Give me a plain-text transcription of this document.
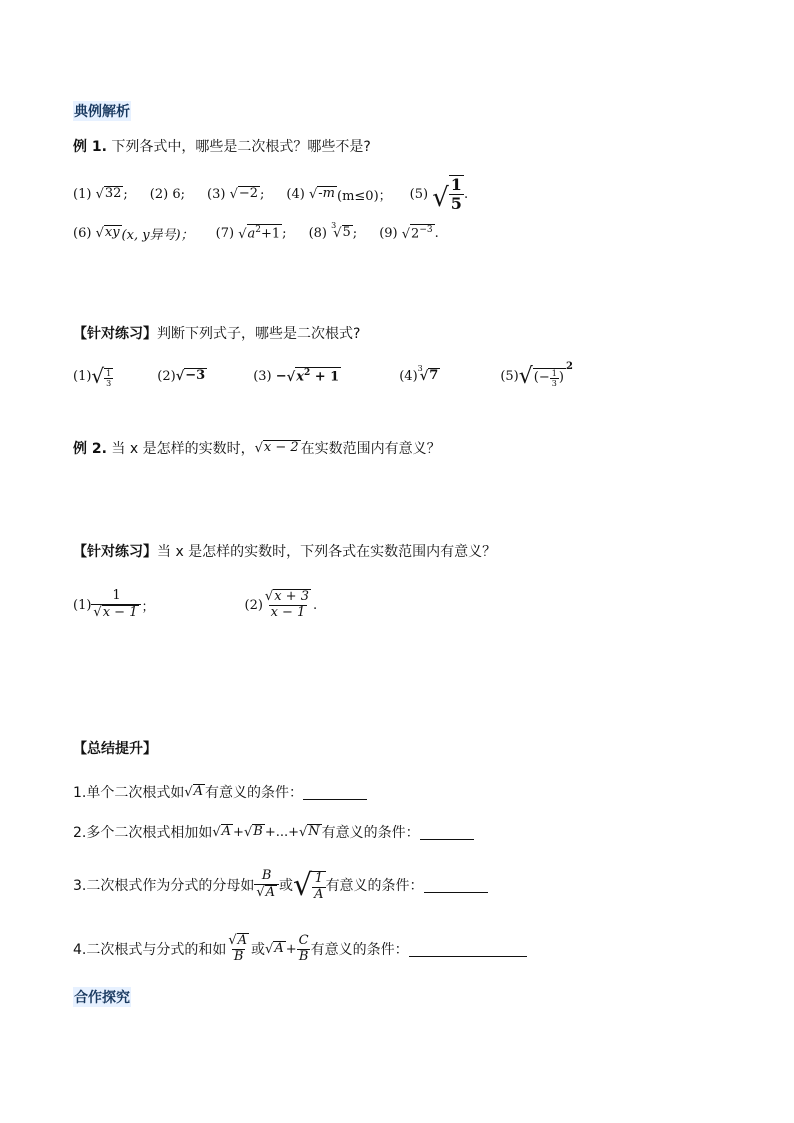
典例解析
例 1. 下列各式中，哪些是二次根式？哪些不是?
(1)
√32 ; (2) 6; (3)
√−2 ; (4)
√-m (m≤0)； (5)
√ $\frac{1}{5}$ .
(6)
√xy (x, y异号)； (7)
$√a^2+1$ ; (8)

3
√5 ; (9)
$√2^{-3}$ .
【针对练习】判断下列式子，哪些是二次根式?
(1) √ $\frac{1}{3}$	(2) √−3	(3)
− $√x^2 + 1$	(4)
3
√7	(5) √ (− $\frac{1}{3}$ )
$^2$
例 2.
当 x 是怎样的实数时， √x − 2 在实数范围内有意义？
【针对练习】当 x 是怎样的实数时，下列各式在实数范围内有意义？
$(1) \frac{1}{√x - 1}$ ；	$(2) \frac{√x + 3}{x - 1}$ .
【总结提升】
1.单个二次根式如 √A 有意义的条件：
2.多个二次根式相加如 √A + √B +...+ √N 有意义的条件：
3.二次根式作为分式的分母如 $\frac{B}{√A}$ 或 √ $\frac{1}{A}$ 有意义的条件：
4.二次根式与分式的和如 $\frac{√A}{B}$ 或 $√A + \frac{C}{B}$ 有意义的条件：
合作探究
